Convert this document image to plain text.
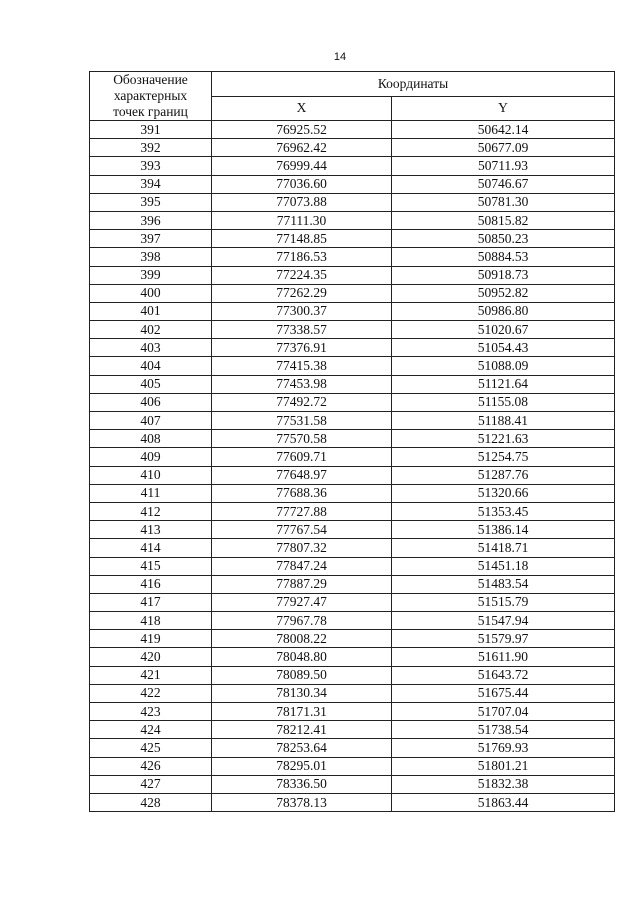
14
Обозначение
характерных
точек границ	Координаты	
	X	Y
391	76925.52	50642.14
392	76962.42	50677.09
393	76999.44	50711.93
394	77036.60	50746.67
395	77073.88	50781.30
396	77111.30	50815.82
397	77148.85	50850.23
398	77186.53	50884.53
399	77224.35	50918.73
400	77262.29	50952.82
401	77300.37	50986.80
402	77338.57	51020.67
403	77376.91	51054.43
404	77415.38	51088.09
405	77453.98	51121.64
406	77492.72	51155.08
407	77531.58	51188.41
408	77570.58	51221.63
409	77609.71	51254.75
410	77648.97	51287.76
411	77688.36	51320.66
412	77727.88	51353.45
413	77767.54	51386.14
414	77807.32	51418.71
415	77847.24	51451.18
416	77887.29	51483.54
417	77927.47	51515.79
418	77967.78	51547.94
419	78008.22	51579.97
420	78048.80	51611.90
421	78089.50	51643.72
422	78130.34	51675.44
423	78171.31	51707.04
424	78212.41	51738.54
425	78253.64	51769.93
426	78295.01	51801.21
427	78336.50	51832.38
428	78378.13	51863.44
